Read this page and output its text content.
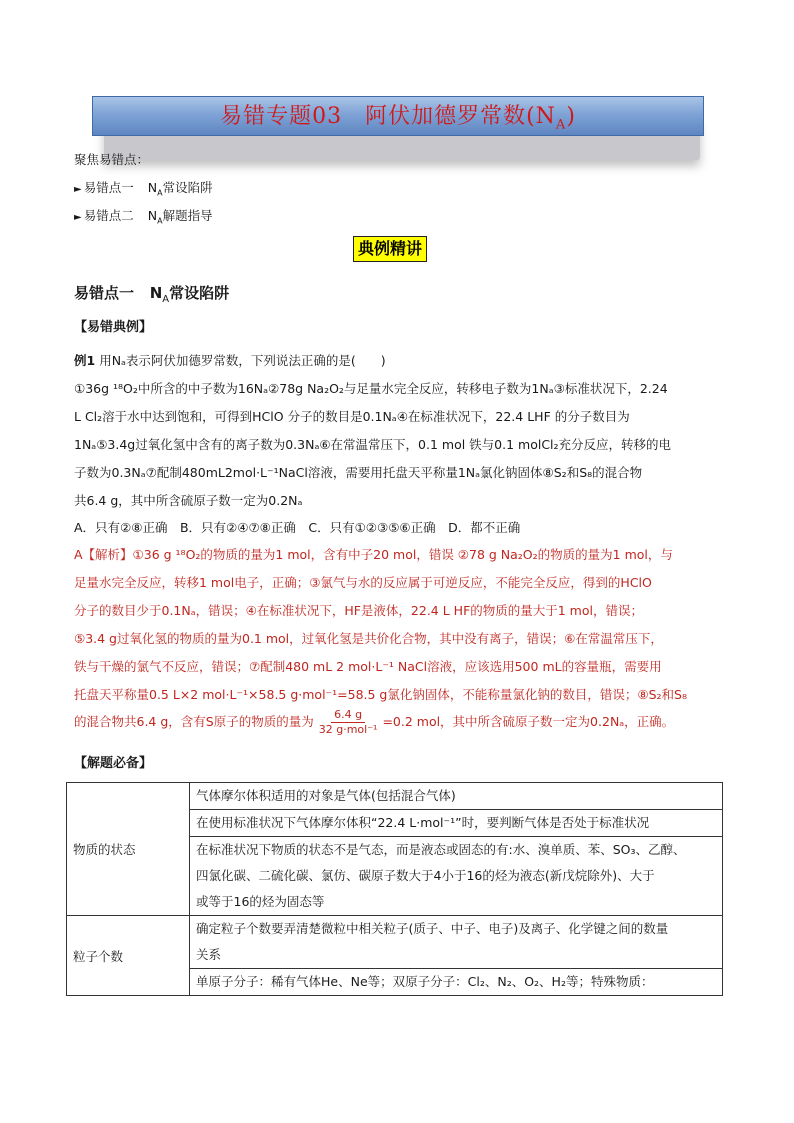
易错专题03　阿伏加德罗常数$(N_A)$
聚焦易错点：
► 易错点一 $N_A$常设陷阱
► 易错点二 $N_A$解题指导
典例精讲
易错点一 $N_A$常设陷阱
【易错典例】
例1 用Nₐ表示阿伏加德罗常数，下列说法正确的是(　　)
①36g ¹⁸O₂中所含的中子数为16Nₐ②78g Na₂O₂与足量水完全反应，转移电子数为1Nₐ③标准状况下，2.24
L Cl₂溶于水中达到饱和，可得到HClO 分子的数目是0.1Nₐ④在标准状况下，22.4 LHF 的分子数目为
1Nₐ⑤3.4g过氧化氢中含有的离子数为0.3Nₐ⑥在常温常压下，0.1 mol 铁与0.1 molCl₂充分反应，转移的电
子数为0.3Nₐ⑦配制480mL2mol·L⁻¹NaCl溶液，需要用托盘天平称量1Nₐ氯化钠固体⑧S₂和S₈的混合物
共6.4 g，其中所含硫原子数一定为0.2Nₐ
A．只有②⑧正确　B．只有②④⑦⑧正确　C．只有①②③⑤⑥正确　D．都不正确
A【解析】①36 g ¹⁸O₂的物质的量为1 mol，含有中子20 mol，错误 ②78 g Na₂O₂的物质的量为1 mol，与
足量水完全反应，转移1 mol电子，正确；③氯气与水的反应属于可逆反应，不能完全反应，得到的HClO
分子的数目少于0.1Nₐ，错误；④在标准状况下，HF是液体，22.4 L HF的物质的量大于1 mol，错误；
⑤3.4 g过氧化氢的物质的量为0.1 mol，过氧化氢是共价化合物，其中没有离子，错误；⑥在常温常压下，
铁与干燥的氯气不反应，错误；⑦配制480 mL 2 mol·L⁻¹ NaCl溶液，应该选用500 mL的容量瓶，需要用
托盘天平称量0.5 L×2 mol·L⁻¹×58.5 g·mol⁻¹=58.5 g氯化钠固体，不能称量氯化钠的数目，错误；⑧S₂和S₈
的混合物共6.4 g，含有S原子的物质的量为 $\frac{6.4 g}{\text{32 g·mol⁻¹}} =0.2$ mol，其中所含硫原子数一定为0.2Nₐ，正确。
【解题必备】
物质的状态	气体摩尔体积适用的对象是气体(包括混合气体)
	在使用标准状况下气体摩尔体积“22.4 L·mol⁻¹”时，要判断气体是否处于标准状况
	在标准状况下物质的状态不是气态，而是液态或固态的有:水、溴单质、苯、SO₃、乙醇、
四氯化碳、二硫化碳、氯仿、碳原子数大于4小于16的烃为液态(新戊烷除外)、大于
或等于16的烃为固态等
粒子个数	确定粒子个数要弄清楚微粒中相关粒子(质子、中子、电子)及离子、化学键之间的数量
关系
	单原子分子：稀有气体He、Ne等；双原子分子：Cl₂、N₂、O₂、H₂等；特殊物质：
